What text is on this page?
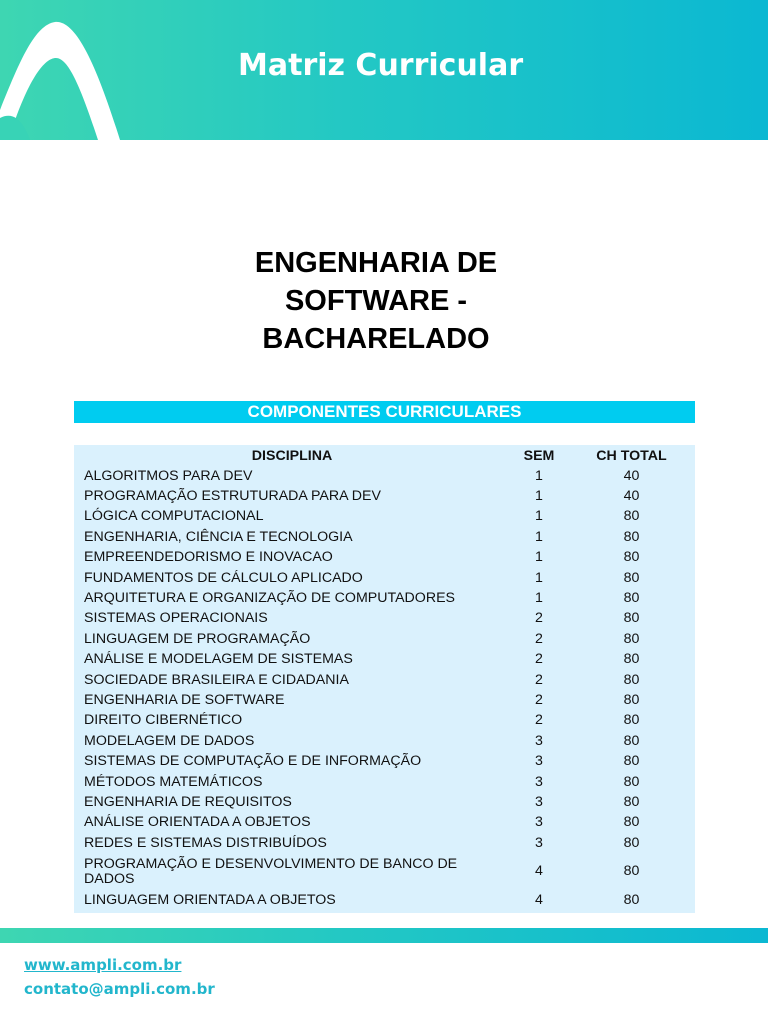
Matriz Curricular
ENGENHARIA DE
SOFTWARE -
BACHARELADO
COMPONENTES CURRICULARES
DISCIPLINA	SEM	CH TOTAL
ALGORITMOS PARA DEV	1	40
PROGRAMAÇÃO ESTRUTURADA PARA DEV	1	40
LÓGICA COMPUTACIONAL	1	80
ENGENHARIA, CIÊNCIA E TECNOLOGIA	1	80
EMPREENDEDORISMO E INOVACAO	1	80
FUNDAMENTOS DE CÁLCULO APLICADO	1	80
ARQUITETURA E ORGANIZAÇÃO DE COMPUTADORES	1	80
SISTEMAS OPERACIONAIS	2	80
LINGUAGEM DE PROGRAMAÇÃO	2	80
ANÁLISE E MODELAGEM DE SISTEMAS	2	80
SOCIEDADE BRASILEIRA E CIDADANIA	2	80
ENGENHARIA DE SOFTWARE	2	80
DIREITO CIBERNÉTICO	2	80
MODELAGEM DE DADOS	3	80
SISTEMAS DE COMPUTAÇÃO E DE INFORMAÇÃO	3	80
MÉTODOS MATEMÁTICOS	3	80
ENGENHARIA DE REQUISITOS	3	80
ANÁLISE ORIENTADA A OBJETOS	3	80
REDES E SISTEMAS DISTRIBUÍDOS	3	80
PROGRAMAÇÃO E DESENVOLVIMENTO DE BANCO DE DADOS	4	80
LINGUAGEM ORIENTADA A OBJETOS	4	80
www.ampli.com.br
contato@ampli.com.br
